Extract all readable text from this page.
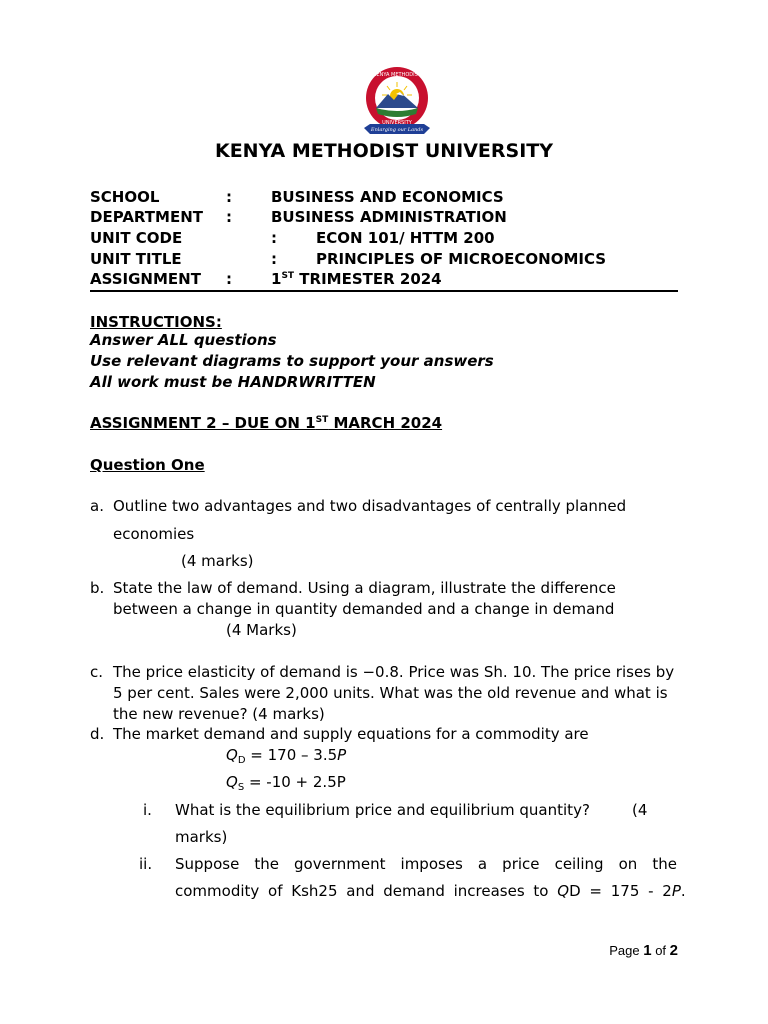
Enlarging our Lands
KENYA METHODIST
UNIVERSITY
KENYA METHODIST UNIVERSITY
SCHOOL	:	BUSINESS AND ECONOMICS
DEPARTMENT :	BUSINESS ADMINISTRATION
UNIT CODE	:	ECON 101/ HTTM 200
UNIT TITLE	:	PRINCIPLES OF MICROECONOMICS
ASSIGNMENT :	1ST TRIMESTER 2024
INSTRUCTIONS:
Answer ALL questions
Use relevant diagrams to support your answers
All work must be HANDRWRITTEN
ASSIGNMENT 2 – DUE ON 1ST MARCH 2024
Question One
a. Outline two advantages and two disadvantages of centrally planned
economies
(4 marks)
b. State the law of demand. Using a diagram, illustrate the difference
between a change in quantity demanded and a change in demand
(4 Marks)
c. The price elasticity of demand is −0.8. Price was Sh. 10. The price rises by
5 per cent. Sales were 2,000 units. What was the old revenue and what is
the new revenue? (4 marks)
d. The market demand and supply equations for a commodity are
$Q_D = 170 - 3.5P$
$Q_S = -10 + 2.5P$
i. What is the equilibrium price and equilibrium quantity?	(4
marks)
ii. Suppose the government imposes a price ceiling on the
commodity of Ksh25 and demand increases to QD = 175 - 2P.
Page 1 of 2
